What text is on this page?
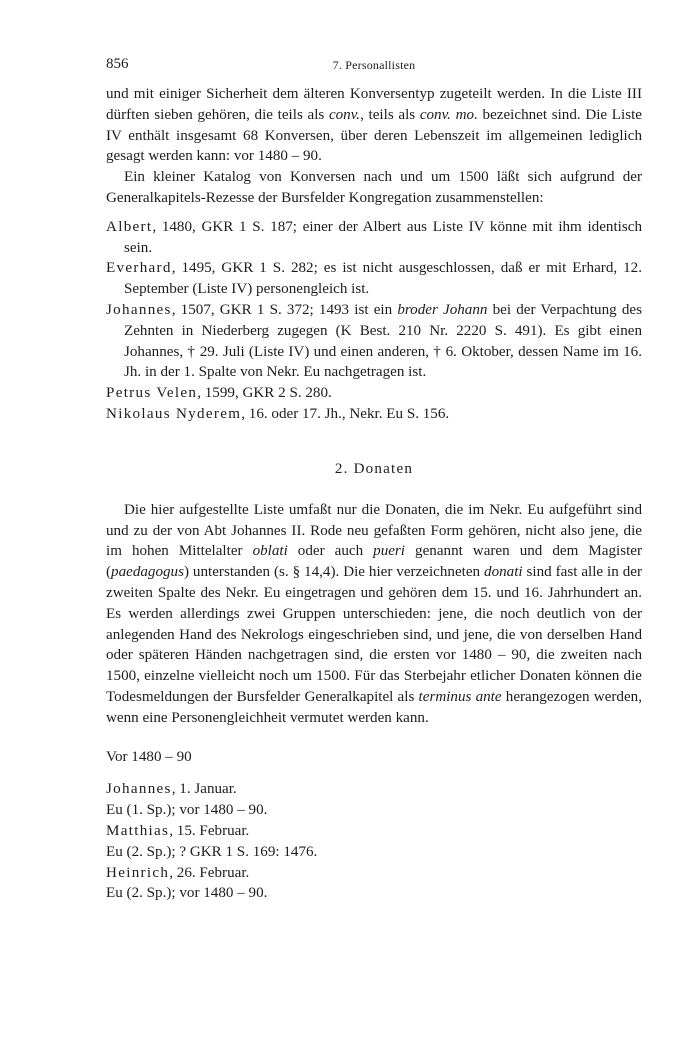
856	7. Personallisten

und mit einiger Sicherheit dem älteren Konversentyp zugeteilt werden. In die Liste III dürften sieben gehören, die teils als conv., teils als conv. mo. bezeichnet sind. Die Liste IV enthält insgesamt 68 Konversen, über deren Lebenszeit im allgemeinen lediglich gesagt werden kann: vor 1480 – 90.

Ein kleiner Katalog von Konversen nach und um 1500 läßt sich aufgrund der Generalkapitels-Rezesse der Bursfelder Kongregation zusammenstellen:

Albert, 1480, GKR 1 S. 187; einer der Albert aus Liste IV könne mit ihm identisch sein.

Everhard, 1495, GKR 1 S. 282; es ist nicht ausgeschlossen, daß er mit Erhard, 12. September (Liste IV) personengleich ist.

Johannes, 1507, GKR 1 S. 372; 1493 ist ein broder Johann bei der Verpachtung des Zehnten in Niederberg zugegen (K Best. 210 Nr. 2220 S. 491). Es gibt einen Johannes, † 29. Juli (Liste IV) und einen anderen, † 6. Oktober, dessen Name im 16. Jh. in der 1. Spalte von Nekr. Eu nachgetragen ist.

Petrus Velen, 1599, GKR 2 S. 280.

Nikolaus Nyderem, 16. oder 17. Jh., Nekr. Eu S. 156.

2. Donaten

Die hier aufgestellte Liste umfaßt nur die Donaten, die im Nekr. Eu aufgeführt sind und zu der von Abt Johannes II. Rode neu gefaßten Form gehören, nicht also jene, die im hohen Mittelalter oblati oder auch pueri genannt waren und dem Magister (paedagogus) unterstanden (s. § 14,4). Die hier verzeichneten donati sind fast alle in der zweiten Spalte des Nekr. Eu eingetragen und gehören dem 15. und 16. Jahrhundert an. Es werden allerdings zwei Gruppen unterschieden: jene, die noch deutlich von der anlegenden Hand des Nekrologs eingeschrieben sind, und jene, die von derselben Hand oder späteren Händen nachgetragen sind, die ersten vor 1480 – 90, die zweiten nach 1500, einzelne vielleicht noch um 1500. Für das Sterbejahr etlicher Donaten können die Todesmeldungen der Bursfelder Generalkapitel als terminus ante herangezogen werden, wenn eine Personengleichheit vermutet werden kann.

Vor 1480 – 90

Johannes, 1. Januar.

Eu (1. Sp.); vor 1480 – 90.

Matthias, 15. Februar.

Eu (2. Sp.); ? GKR 1 S. 169: 1476.

Heinrich, 26. Februar.

Eu (2. Sp.); vor 1480 – 90.
